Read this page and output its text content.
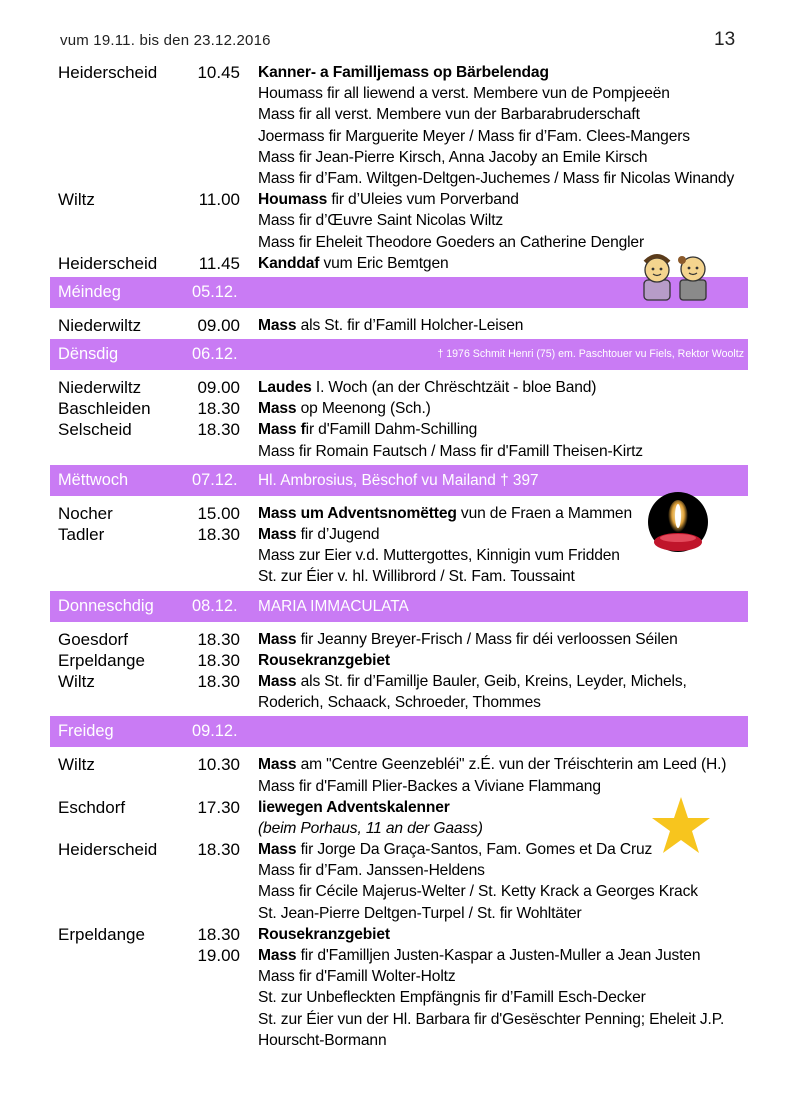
vum 19.11. bis den 23.12.2016	13
Heiderscheid	10.45 Kanner- a Familljemass op Bärbelendag
Houmass fir all liewend a verst. Membere vun de Pompjeeën
Mass fir all verst. Membere vun der Barbarabruderschaft
Joermass fir Marguerite Meyer / Mass fir d’Fam. Clees-Mangers
Mass fir Jean-Pierre Kirsch, Anna Jacoby an Emile Kirsch
Mass fir d’Fam. Wiltgen-Deltgen-Juchemes / Mass fir Nicolas Winandy
Wiltz	11.00 Houmass fir d’Uleies vum Porverband
Mass fir d’Œuvre Saint Nicolas Wiltz
Mass fir Eheleit Theodore Goeders an Catherine Dengler
Heiderscheid	11.45 Kanddaf vum Eric Bemtgen
Méindeg	05.12.
Niederwiltz	09.00 Mass als St. fir d’Famill Holcher-Leisen
Dënsdig	06.12.	† 1976 Schmit Henri (75) em. Paschtouer vu Fiels, Rektor Wooltz
Niederwiltz	09.00 Laudes I. Woch (an der Chrëschtzäit - bloe Band)
Baschleiden	18.30 Mass op Meenong (Sch.)
Selscheid	18.30 Mass fir d'Famill Dahm-Schilling
Mass fir Romain Fautsch / Mass fir d'Famill Theisen-Kirtz
Mëttwoch	07.12. Hl. Ambrosius, Bëschof vu Mailand † 397
Nocher	15.00 Mass um Adventsnomëtteg vun de Fraen a Mammen
Tadler	18.30 Mass fir d’Jugend
Mass zur Eier v.d. Muttergottes, Kinnigin vum Fridden
St. zur Éier v. hl. Willibrord / St. Fam. Toussaint
Donneschdig 08.12. MARIA IMMACULATA
Goesdorf	18.30 Mass fir Jeanny Breyer-Frisch / Mass fir déi verloossen Séilen
Erpeldange	18.30 Rousekranzgebiet
Wiltz	18.30 Mass als St. fir d’Famillje Bauler, Geib, Kreins, Leyder, Michels,
Roderich, Schaack, Schroeder, Thommes
Freideg	09.12.
Wiltz	10.30 Mass am "Centre Geenzebléi" z.É. vun der Tréischterin am Leed (H.)
Mass fir d'Famill Plier-Backes a Viviane Flammang
Eschdorf	17.30 liewegen Adventskalenner
(beim Porhaus, 11 an der Gaass)
Heiderscheid	18.30 Mass fir Jorge Da Graça-Santos, Fam. Gomes et Da Cruz
Mass fir d’Fam. Janssen-Heldens
Mass fir Cécile Majerus-Welter / St. Ketty Krack a Georges Krack
St. Jean-Pierre Deltgen-Turpel / St. fir Wohltäter
Erpeldange	18.30 Rousekranzgebiet
19.00 Mass fir d'Familljen Justen-Kaspar a Justen-Muller a Jean Justen
Mass fir d'Famill Wolter-Holtz
St. zur Unbefleckten Empfängnis fir d’Famill Esch-Decker
St. zur Éier vun der Hl. Barbara fir d'Gesëschter Penning; Eheleit J.P.
Hourscht-Bormann
